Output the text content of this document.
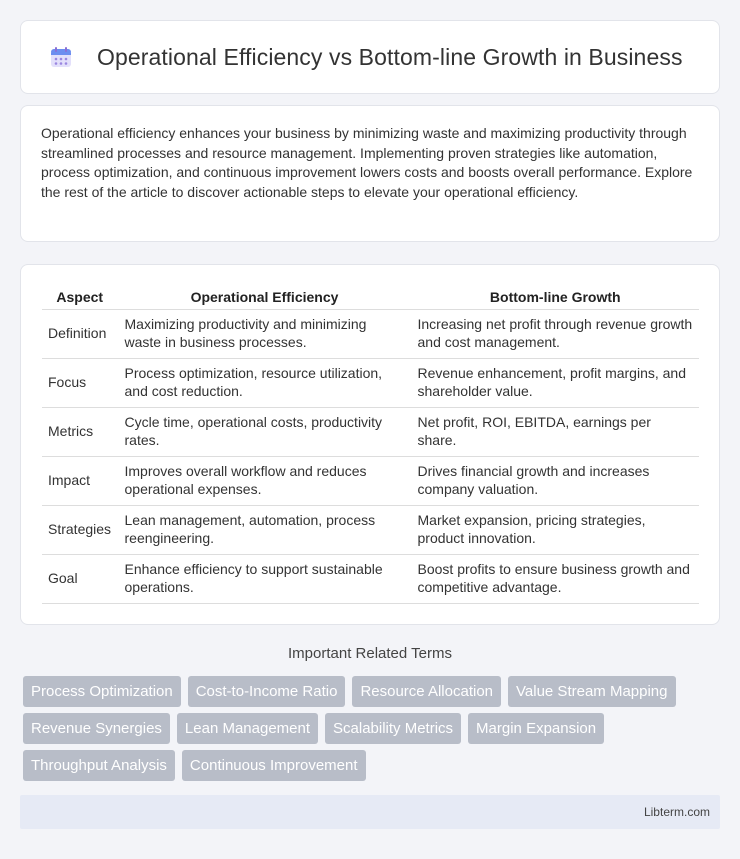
Operational Efficiency vs Bottom-line Growth in Business

Operational efficiency enhances your business by minimizing waste and maximizing productivity through streamlined processes and resource management. Implementing proven strategies like automation, process optimization, and continuous improvement lowers costs and boosts overall performance. Explore the rest of the article to discover actionable steps to elevate your operational efficiency.

Aspect	Operational Efficiency	Bottom-line Growth
Definition	Maximizing productivity and minimizing waste in business processes.	Increasing net profit through revenue growth and cost management.
Focus	Process optimization, resource utilization, and cost reduction.	Revenue enhancement, profit margins, and shareholder value.
Metrics	Cycle time, operational costs, productivity rates.	Net profit, ROI, EBITDA, earnings per share.
Impact	Improves overall workflow and reduces operational expenses.	Drives financial growth and increases company valuation.
Strategies	Lean management, automation, process reengineering.	Market expansion, pricing strategies, product innovation.
Goal	Enhance efficiency to support sustainable operations.	Boost profits to ensure business growth and competitive advantage.
Important Related Terms
Process Optimization	Cost-to-Income Ratio	Resource Allocation	Value Stream Mapping
Revenue Synergies	Lean Management	Scalability Metrics	Margin Expansion
Throughput Analysis	Continuous Improvement
Libterm.com
